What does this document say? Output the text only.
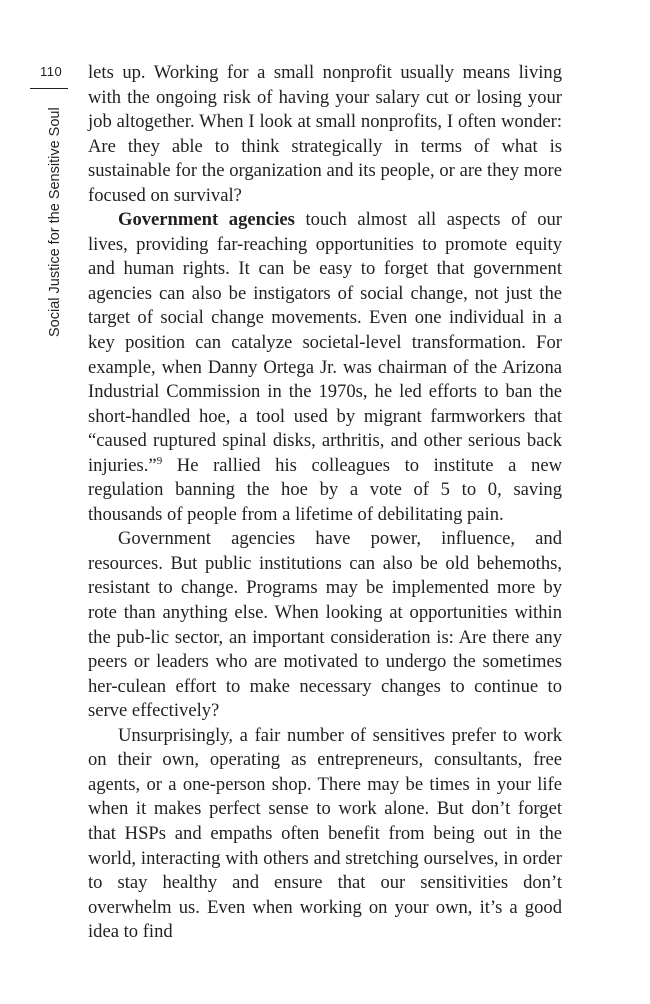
110
Social Justice for the Sensitive Soul

lets up. Working for a small nonprofit usually means living with the ongoing risk of having your salary cut or losing your job altogether. When I look at small nonprofits, I often wonder: Are they able to think strategically in terms of what is sustainable for the organization and its people, or are they more focused on survival?

Government agencies touch almost all aspects of our lives, providing far-reaching opportunities to promote equity and human rights. It can be easy to forget that government agencies can also be instigators of social change, not just the target of social change movements. Even one individual in a key position can catalyze societal-level transformation. For example, when Danny Ortega Jr. was chairman of the Arizona Industrial Commission in the 1970s, he led efforts to ban the short-handled hoe, a tool used by migrant farmworkers that “caused ruptured spinal disks, arthritis, and other serious back injuries.”$^9$ He rallied his colleagues to institute a new regulation banning the hoe by a vote of 5 to 0, saving thousands of people from a lifetime of debilitating pain.

Government agencies have power, influence, and resources. But public institutions can also be old behemoths, resistant to change. Programs may be implemented more by rote than anything else. When looking at opportunities within the pub-lic sector, an important consideration is: Are there any peers or leaders who are motivated to undergo the sometimes her-culean effort to make necessary changes to continue to serve effectively?

Unsurprisingly, a fair number of sensitives prefer to work on their own, operating as entrepreneurs, consultants, free agents, or a one-person shop. There may be times in your life when it makes perfect sense to work alone. But don’t forget that HSPs and empaths often benefit from being out in the world, interacting with others and stretching ourselves, in order to stay healthy and ensure that our sensitivities don’t overwhelm us. Even when working on your own, it’s a good idea to find
